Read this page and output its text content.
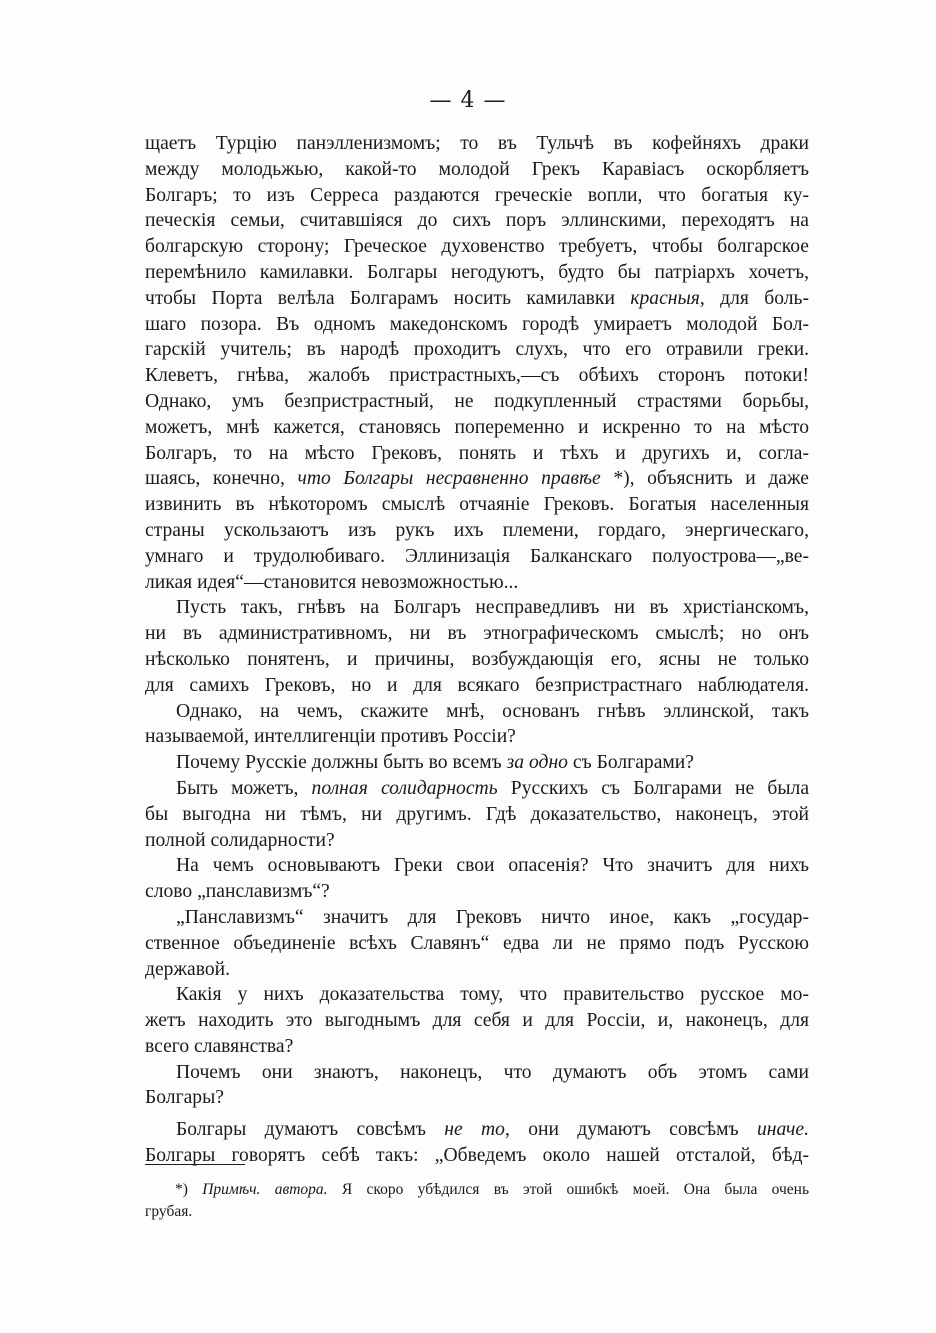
— 4 —
щаетъ Турцію панэлленизмомъ; то въ Тульчѣ въ кофейняхъ драки
между молодьжью, какой-то молодой Грекъ Каравіасъ оскорбляетъ
Болгаръ; то изъ Серреса раздаются греческіе вопли, что богатыя ку-
печескія семьи, считавшіяся до сихъ поръ эллинскими, переходятъ на
болгарскую сторону; Греческое духовенство требуетъ, чтобы болгарское
перемѣнило камилавки. Болгары негодуютъ, будто бы патріархъ хочетъ,
чтобы Порта велѣла Болгарамъ носить камилавки красныя, для боль-
шаго позора. Въ одномъ македонскомъ городѣ умираетъ молодой Бол-
гарскій учитель; въ народѣ проходитъ слухъ, что его отравили греки.
Клеветъ, гнѣва, жалобъ пристрастныхъ,—съ обѣихъ сторонъ потоки!
Однако, умъ безпристрастный, не подкупленный страстями борьбы,
можетъ, мнѣ кажется, становясь попеременно и искренно то на мѣсто
Болгаръ, то на мѣсто Грековъ, понять и тѣхъ и другихъ и, согла-
шаясь, конечно, что Болгары несравненно правѣе *), объяснить и даже
извинить въ нѣкоторомъ смыслѣ отчаяніе Грековъ. Богатыя населенныя
страны ускользаютъ изъ рукъ ихъ племени, гордаго, энергическаго,
умнаго и трудолюбиваго. Эллинизація Балканскаго полуострова—„ве-
ликая идея“—становится невозможностью...
Пусть такъ, гнѣвъ на Болгаръ несправедливъ ни въ христіанскомъ,
ни въ административномъ, ни въ этнографическомъ смыслѣ; но онъ
нѣсколько понятенъ, и причины, возбуждающія его, ясны не только
для самихъ Грековъ, но и для всякаго безпристрастнаго наблюдателя.
Однако, на чемъ, скажите мнѣ, основанъ гнѣвъ эллинской, такъ
называемой, интеллигенціи противъ Россіи?
Почему Русскіе должны быть во всемъ за одно съ Болгарами?
Быть можетъ, полная солидарность Русскихъ съ Болгарами не была
бы выгодна ни тѣмъ, ни другимъ. Гдѣ доказательство, наконецъ, этой
полной солидарности?
На чемъ основываютъ Греки свои опасенія? Что значитъ для нихъ
слово „панславизмъ“?
„Панславизмъ“ значитъ для Грековъ ничто иное, какъ „государ-
ственное объединеніе всѣхъ Славянъ“ едва ли не прямо подъ Русскою
державой.
Какія у нихъ доказательства тому, что правительство русское мо-
жетъ находить это выгоднымъ для себя и для Россіи, и, наконецъ, для
всего славянства?
Почемъ они знаютъ, наконецъ, что думаютъ объ этомъ сами
Болгары?
Болгары думаютъ совсѣмъ не то, они думаютъ совсѣмъ иначе.
Болгары говорятъ себѣ такъ: „Обведемъ около нашей отсталой, бѣд-
*) Примѣч. автора. Я скоро убѣдился въ этой ошибкѣ моей. Она была очень
грубая.
